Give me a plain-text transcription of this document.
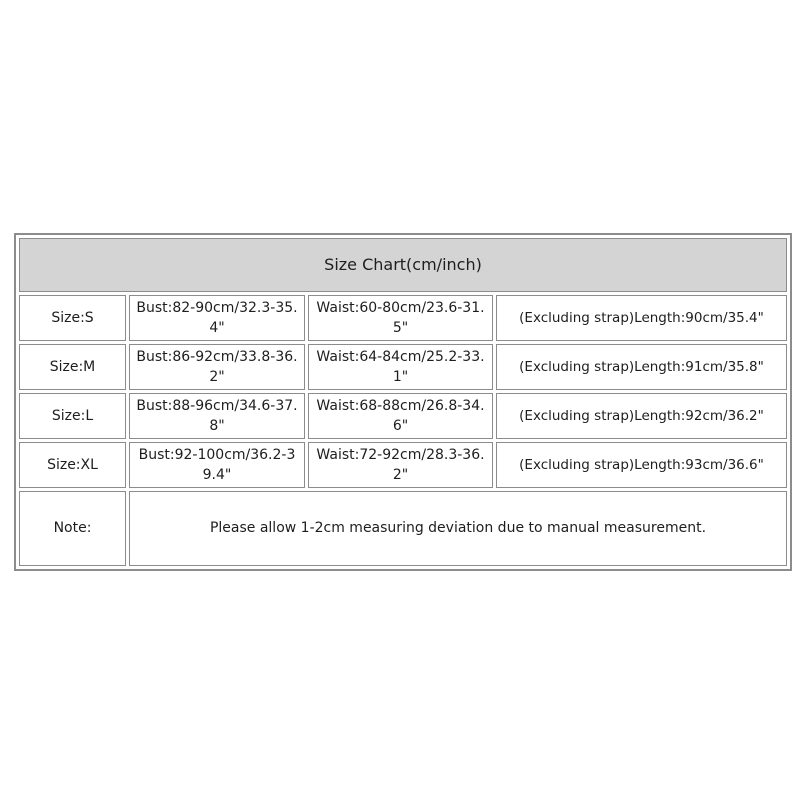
Size Chart(cm/inch)			
Size:S	Bust:82-90cm/32.3-35.4"	Waist:60-80cm/23.6-31.5"	(Excluding strap)Length:90cm/35.4"
Size:M	Bust:86-92cm/33.8-36.2"	Waist:64-84cm/25.2-33.1"	(Excluding strap)Length:91cm/35.8"
Size:L	Bust:88-96cm/34.6-37.8"	Waist:68-88cm/26.8-34.6"	(Excluding strap)Length:92cm/36.2"
Size:XL	Bust:92-100cm/36.2-39.4"	Waist:72-92cm/28.3-36.2"	(Excluding strap)Length:93cm/36.6"
Note:	Please allow 1-2cm measuring deviation due to manual measurement.		
